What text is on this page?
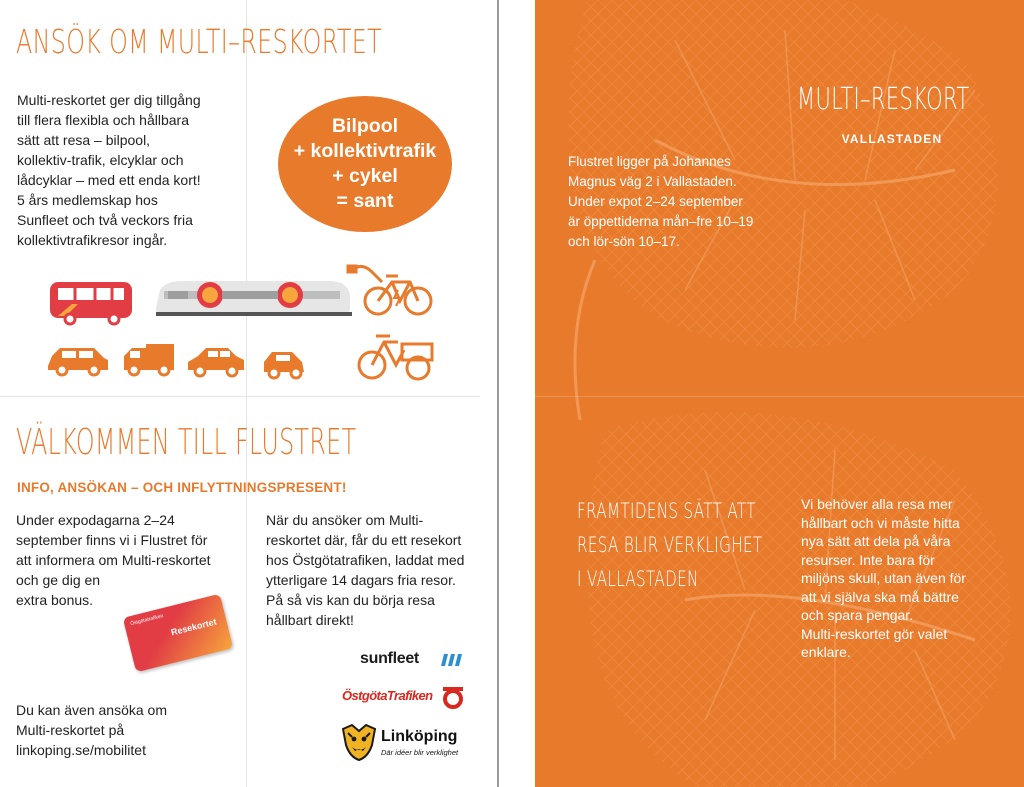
ANSÖK OM MULTI–RESKORTET
Multi-reskortet ger dig tillgång
till flera flexibla och hållbara
sätt att resa – bilpool,
kollektiv-trafik, elcyklar och
lådcyklar – med ett enda kort!
5 års medlemskap hos
Sunfleet och två veckors fria
kollektivtrafikresor ingår.
Bilpool
+ kollektivtrafik
+ cykel
= sant
VÄLKOMMEN TILL FLUSTRET
INFO, ANSÖKAN – OCH INFLYTTNINGSPRESENT!
Under expodagarna 2–24
september finns vi i Flustret för
att informera om Multi-reskortet
och ge dig en
extra bonus.
När du ansöker om Multi-
reskortet där, får du ett resekort
hos Östgötatrafiken, laddat med
ytterligare 14 dagars fria resor.
På så vis kan du börja resa
hållbart direkt!
Östgötatrafiken Resekortet
Du kan även ansöka om
Multi-reskortet på
linkoping.se/mobilitet
sunfleet
ÖstgötaTrafiken
Linköping
Där idéer blir verklighet
MULTI–RESKORT
VALLASTADEN
Flustret ligger på Johannes
Magnus väg 2 i Vallastaden.
Under expot 2–24 september
är öppettiderna mån–fre 10–19
och lör-sön 10–17.
FRAMTIDENS SÄTT ATT
RESA BLIR VERKLIGHET
I VALLASTADEN
Vi behöver alla resa mer
hållbart och vi måste hitta
nya sätt att dela på våra
resurser. Inte bara för
miljöns skull, utan även för
att vi själva ska må bättre
och spara pengar.
Multi-reskortet gör valet
enklare.
